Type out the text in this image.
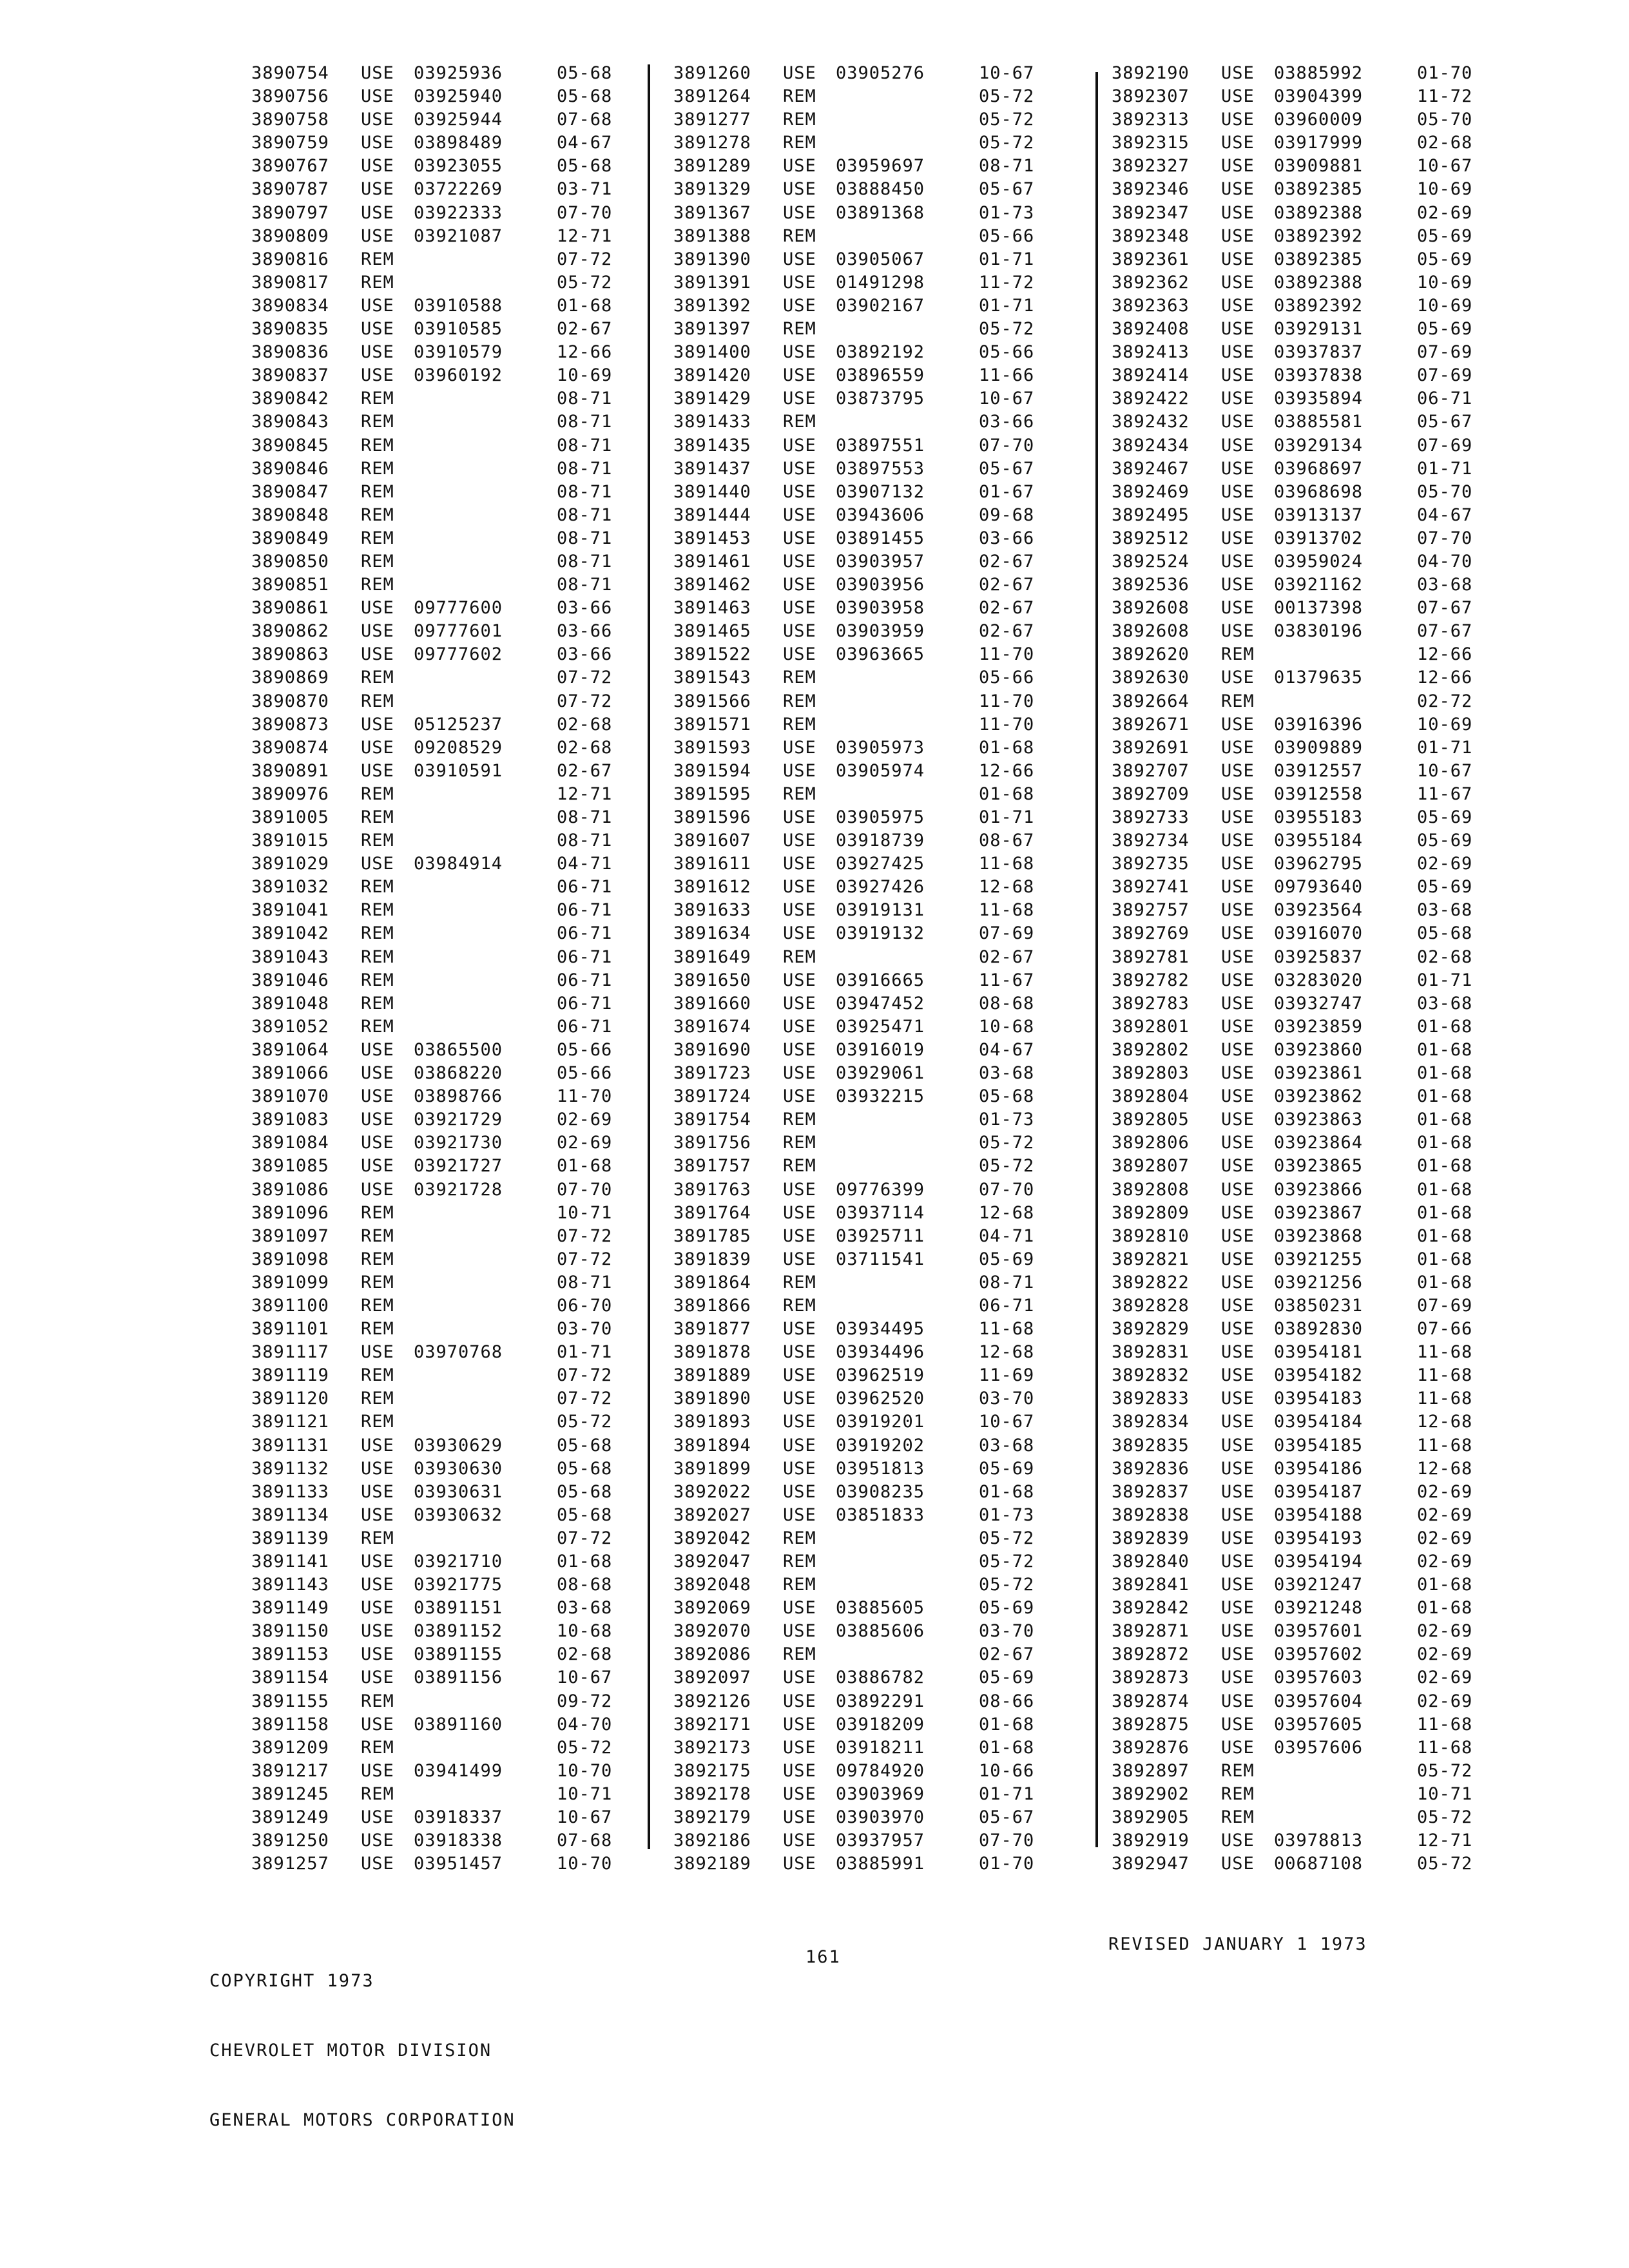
3890754 USE 03925936	05-68
3890756 USE 03925940	05-68
3890758 USE 03925944	07-68
3890759 USE 03898489	04-67
3890767 USE 03923055	05-68
3890787 USE 03722269	03-71
3890797 USE 03922333	07-70
3890809 USE 03921087	12-71
3890816 REM	07-72
3890817 REM	05-72
3890834 USE 03910588	01-68
3890835 USE 03910585	02-67
3890836 USE 03910579	12-66
3890837 USE 03960192	10-69
3890842 REM	08-71
3890843 REM	08-71
3890845 REM	08-71
3890846 REM	08-71
3890847 REM	08-71
3890848 REM	08-71
3890849 REM	08-71
3890850 REM	08-71
3890851 REM	08-71
3890861 USE 09777600	03-66
3890862 USE 09777601	03-66
3890863 USE 09777602	03-66
3890869 REM	07-72
3890870 REM	07-72
3890873 USE 05125237	02-68
3890874 USE 09208529	02-68
3890891 USE 03910591	02-67
3890976 REM	12-71
3891005 REM	08-71
3891015 REM	08-71
3891029 USE 03984914	04-71
3891032 REM	06-71
3891041 REM	06-71
3891042 REM	06-71
3891043 REM	06-71
3891046 REM	06-71
3891048 REM	06-71
3891052 REM	06-71
3891064 USE 03865500	05-66
3891066 USE 03868220	05-66
3891070 USE 03898766	11-70
3891083 USE 03921729	02-69
3891084 USE 03921730	02-69
3891085 USE 03921727	01-68
3891086 USE 03921728	07-70
3891096 REM	10-71
3891097 REM	07-72
3891098 REM	07-72
3891099 REM	08-71
3891100 REM	06-70
3891101 REM	03-70
3891117 USE 03970768	01-71
3891119 REM	07-72
3891120 REM	07-72
3891121 REM	05-72
3891131 USE 03930629	05-68
3891132 USE 03930630	05-68
3891133 USE 03930631	05-68
3891134 USE 03930632	05-68
3891139 REM	07-72
3891141 USE 03921710	01-68
3891143 USE 03921775	08-68
3891149 USE 03891151	03-68
3891150 USE 03891152	10-68
3891153 USE 03891155	02-68
3891154 USE 03891156	10-67
3891155 REM	09-72
3891158 USE 03891160	04-70
3891209 REM	05-72
3891217 USE 03941499	10-70
3891245 REM	10-71
3891249 USE 03918337	10-67
3891250 USE 03918338	07-68
3891257 USE 03951457	10-70
3891260 USE 03905276	10-67
3891264 REM	05-72
3891277 REM	05-72
3891278 REM	05-72
3891289 USE 03959697	08-71
3891329 USE 03888450	05-67
3891367 USE 03891368	01-73
3891388 REM	05-66
3891390 USE 03905067	01-71
3891391 USE 01491298	11-72
3891392 USE 03902167	01-71
3891397 REM	05-72
3891400 USE 03892192	05-66
3891420 USE 03896559	11-66
3891429 USE 03873795	10-67
3891433 REM	03-66
3891435 USE 03897551	07-70
3891437 USE 03897553	05-67
3891440 USE 03907132	01-67
3891444 USE 03943606	09-68
3891453 USE 03891455	03-66
3891461 USE 03903957	02-67
3891462 USE 03903956	02-67
3891463 USE 03903958	02-67
3891465 USE 03903959	02-67
3891522 USE 03963665	11-70
3891543 REM	05-66
3891566 REM	11-70
3891571 REM	11-70
3891593 USE 03905973	01-68
3891594 USE 03905974	12-66
3891595 REM	01-68
3891596 USE 03905975	01-71
3891607 USE 03918739	08-67
3891611 USE 03927425	11-68
3891612 USE 03927426	12-68
3891633 USE 03919131	11-68
3891634 USE 03919132	07-69
3891649 REM	02-67
3891650 USE 03916665	11-67
3891660 USE 03947452	08-68
3891674 USE 03925471	10-68
3891690 USE 03916019	04-67
3891723 USE 03929061	03-68
3891724 USE 03932215	05-68
3891754 REM	01-73
3891756 REM	05-72
3891757 REM	05-72
3891763 USE 09776399	07-70
3891764 USE 03937114	12-68
3891785 USE 03925711	04-71
3891839 USE 03711541	05-69
3891864 REM	08-71
3891866 REM	06-71
3891877 USE 03934495	11-68
3891878 USE 03934496	12-68
3891889 USE 03962519	11-69
3891890 USE 03962520	03-70
3891893 USE 03919201	10-67
3891894 USE 03919202	03-68
3891899 USE 03951813	05-69
3892022 USE 03908235	01-68
3892027 USE 03851833	01-73
3892042 REM	05-72
3892047 REM	05-72
3892048 REM	05-72
3892069 USE 03885605	05-69
3892070 USE 03885606	03-70
3892086 REM	02-67
3892097 USE 03886782	05-69
3892126 USE 03892291	08-66
3892171 USE 03918209	01-68
3892173 USE 03918211	01-68
3892175 USE 09784920	10-66
3892178 USE 03903969	01-71
3892179 USE 03903970	05-67
3892186 USE 03937957	07-70
3892189 USE 03885991	01-70
3892190 USE 03885992	01-70
3892307 USE 03904399	11-72
3892313 USE 03960009	05-70
3892315 USE 03917999	02-68
3892327 USE 03909881	10-67
3892346 USE 03892385	10-69
3892347 USE 03892388	02-69
3892348 USE 03892392	05-69
3892361 USE 03892385	05-69
3892362 USE 03892388	10-69
3892363 USE 03892392	10-69
3892408 USE 03929131	05-69
3892413 USE 03937837	07-69
3892414 USE 03937838	07-69
3892422 USE 03935894	06-71
3892432 USE 03885581	05-67
3892434 USE 03929134	07-69
3892467 USE 03968697	01-71
3892469 USE 03968698	05-70
3892495 USE 03913137	04-67
3892512 USE 03913702	07-70
3892524 USE 03959024	04-70
3892536 USE 03921162	03-68
3892608 USE 00137398	07-67
3892608 USE 03830196	07-67
3892620 REM	12-66
3892630 USE 01379635	12-66
3892664 REM	02-72
3892671 USE 03916396	10-69
3892691 USE 03909889	01-71
3892707 USE 03912557	10-67
3892709 USE 03912558	11-67
3892733 USE 03955183	05-69
3892734 USE 03955184	05-69
3892735 USE 03962795	02-69
3892741 USE 09793640	05-69
3892757 USE 03923564	03-68
3892769 USE 03916070	05-68
3892781 USE 03925837	02-68
3892782 USE 03283020	01-71
3892783 USE 03932747	03-68
3892801 USE 03923859	01-68
3892802 USE 03923860	01-68
3892803 USE 03923861	01-68
3892804 USE 03923862	01-68
3892805 USE 03923863	01-68
3892806 USE 03923864	01-68
3892807 USE 03923865	01-68
3892808 USE 03923866	01-68
3892809 USE 03923867	01-68
3892810 USE 03923868	01-68
3892821 USE 03921255	01-68
3892822 USE 03921256	01-68
3892828 USE 03850231	07-69
3892829 USE 03892830	07-66
3892831 USE 03954181	11-68
3892832 USE 03954182	11-68
3892833 USE 03954183	11-68
3892834 USE 03954184	12-68
3892835 USE 03954185	11-68
3892836 USE 03954186	12-68
3892837 USE 03954187	02-69
3892838 USE 03954188	02-69
3892839 USE 03954193	02-69
3892840 USE 03954194	02-69
3892841 USE 03921247	01-68
3892842 USE 03921248	01-68
3892871 USE 03957601	02-69
3892872 USE 03957602	02-69
3892873 USE 03957603	02-69
3892874 USE 03957604	02-69
3892875 USE 03957605	11-68
3892876 USE 03957606	11-68
3892897 REM	05-72
3892902 REM	10-71
3892905 REM	05-72
3892919 USE 03978813	12-71
3892947 USE 00687108	05-72

COPYRIGHT 1973

CHEVROLET MOTOR DIVISION

GENERAL MOTORS CORPORATION

161
REVISED JANUARY 1 1973
